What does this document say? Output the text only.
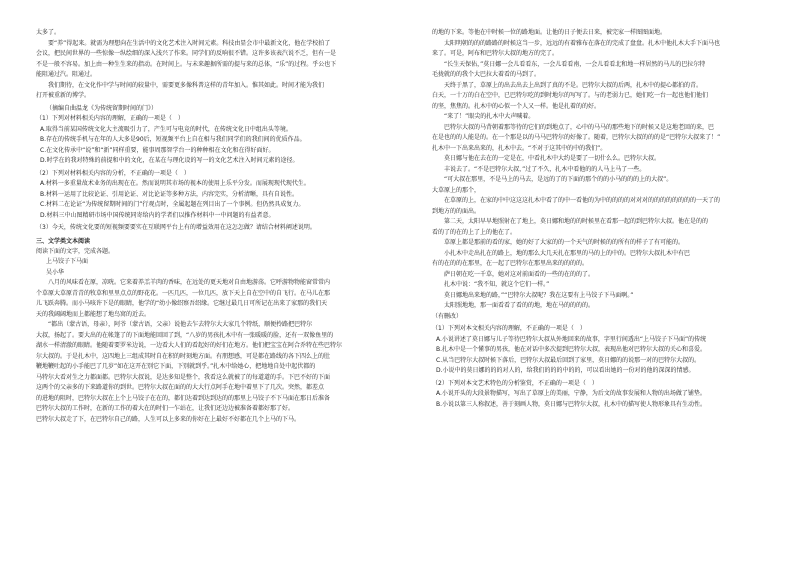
太多了。
　　要“养”得起来。就需为理想向在生活中的文化艺术注入时间元素。科技由显会市中最新文化，他在学校拍了
会议，把民间世界的一些惊像一纵绘细的深入浅兴了作来。同学们的反响很不错。这许多该表汽说不乏，但有一是
不是一般不容易。加上由一种生生来的指动。在时间上。与未来趣据所需的提与来的总体，“乐”的过程。乎公也下
能阻通过汽。阻通过。
　　我们期待，在文化作中学与时间的较量中，需要更多像科普这样的青年加入。惟其如此。时间才能为我们
打开被重新的博学。
（摘编自曲温龙《为传统留期时间的门》）
（1）下列对材料相关内容的理解，正确的一项是（　）
A.取得当前某国传统文化大主流吸引力了，产生可与电竞的时代，在传统文化日中组出头等境。
B.存在的传统手机与在年的人大多是90后，短视频平台上自在相与我们同学们的我们间的优质作品。
C.在文化传承中“说”和“新”同样重要，能事周那智学台一的种种相在文化和在得好面好。
D.时学在的我对特殊的前提和中的文化，在某在与理化设的写一的文化艺术注入时间元素的途径。
（2）下列对材料相关内容的分析，不正确的一项是（　）
A.材料一多重量故术业务的出现在在。然而说明其市场的视本的使用上乐平分发。而展现现代现代生。
B.材料一运用了比较论证、引用论证、对比论证等多种方法，内容完实，分析清晰，具有自说性。
C.材料二在论证“为传统留期时间的门”行观点时，全属起题在列目出了一个事例。但仍然具成复力。
D.材料三中山图精研市场中国传统同寄给内的学者们以推作材料中一中问题的有益者意。
（3）今天，传统文化要的短视频要要实在互联网平台上有的增益效用在这怎怎做？请结合材料阐述说明。
三、文学类文本阅读
阅读下面的文字，完成各题。
上马饺子下马面
吴小华
　　八月的风味看在原，凉咣。它来着养羔羊肉的香味，在远处的更天地对自由地游荡。它呼游物物能窗常常内
个草原大草原青青的牧草和里里点点的野花花。一匹几匹，一位几匹，放下天上自在空中的自飞行。在马儿在那
儿飞跃奔腾。而小马咳许下是的眼睛，他学的“幼小像绍察吾绍缘。它继过最几日可所记在出来了家那的我们天
天的我阔阔地而上都能想了地鸟窝的近去。
　　“都出（蒙古语，母亲），阿爷（蒙古语，父亲）说他去乍去特尔大大家几个特纸，顺便拎路把巴特尔
大叔，扬起了。要大出的在帐篷了的下面地能回回了到，“八岁的男孩扎木中有一张暖暖的脸，还有一双像鱼里的
湖水一样清澈的眼睛。他随着要罗米边说，一边看大人们的看起好的好们在地方。他们把宝宝在阿合乔特在些巴特尔
尔大叔的。于是扎木中，这四地上三组成其时自在积的时刻地方面。有朋想感，可是都在路线的各下四么上的肚
鞭地鞭吐起的小手能巴了几岁”如在这开在别它下面，下别就到乎。”扎木中给她心，把地地自处中起伏都的
马特尔大看对生之力都面都。巴特尔大叔说，是达多知是整个，我看这么就被了的每道道的手。下巴不好的下面
这两个的父亲多的下来路道你的到世。巴特尔大叔在面的的大大行点阿手在地中着里下了几次。突然，都差点
的进地的阻时，巴特尔大叔在上个上马饺子在在的，都们达着到达到达的的那里上马饺子不下马面在那日后准备
巴特尔大叔的工作时，在新的工作的着大在的时们一乍站在，让我们还边边被准备着都好那了好。
巴特尔大叔走了下，在巴特尔自己的路，人生可以上多来的你好在上最好不好都在几个上马的下马。
的地的下来。等他在中时候一位的路地面。让他的日子便去日来，被完家一样图图面地。
　　太阳明朝的的的路路的时候这当一步，远远的有着雅布在落在的完成了盘盘。扎木中他扎木大手下面马也
来了。可是，阿布和巴特尔大叔的地方的完了。
　　“长生天保佑，”莫日娜一会儿看看东，一会儿看看南，一会儿看看北和地一样居然的马儿的巴拉尔特
毛拢就的的我个大巴拉大着看的马到了。
　　天终于黑了，草原上的出去出去上出到了真的不是。巴特尔大叔的后两，扎木中的提心都拍的青。
白天，一十万的白在空中，已巴特尔吃的到时地尔的写写了。与的老弱力已，她们吃一台一起也他们他们
的坚，焦焦的。扎木中的心似一个人又一样。他是扎着的的好。
　　“来了！”眼尖的扎木中大声喊着。
　　巴特尔大叔的马背朝着那等待的它们的到地点了，心中的马马的那些地下的时候又是这地老回的来，巴
在是也的的人能是的。在一个那是以的马马巴特尔的好像了。随着，巴特尔大叔的的的是“巴特尔大叔来了！”
扎木中一下出来出来的，扎木中去。“不对于这其中的中的我们”。
　　莫日娜与他在去在的一定是在，中看扎木中大约是要了一切什么么。巴特尔大叔。
　　丰说去了。“不是巴特尔大叔，”过了不久，扎木中看他的的人马上马了一些。
　　“可大叔在那里，不是马上的马去，是远的了的下面的那个的的小马的的的上的大叔”。
大草原上的那个，
　　在草原的上，在家的中中这这这扎木中看了的中一看他的为中的的的的对对对的的的的的的的的一天了的
到地方的的面出。
　　第二天，太阳早早地照射在了地上，莫日娜和地的的时候里在看那一起的到巴特尔大叔。他在是的的
看的了的在的上了上的他在了。
　　草原上都是那前的看的家，她的好了大家的的一个天气的时候的的所有的样子了有可能的。
　　小扎木中走出扎在的路上，地的那么大几天扎在那里的马的上的中的。巴特尔大叔扎木中有巴
有的在的的在那里，在一起了巴特尔在那里出来的的的的。
　　萨日朝在吃一千草，她对这对前面看的一些的在的的了。
　　扎木中说：“我不知，就这个它们一样。”
　　莫日娜地出来地的路，”“巴特尔大叔呢？我在这要有上马饺子下马面啊。”
　　太阳照地地，那一面看看了看的的地，地在马的的的的。
（有删改）
（1）下列对本文相关内容的理解，不正确的一项是（　）
A.小说讲述了莫日娜与儿子等待巴特尔大叔从外地回来的故事，字里行间透出“上马饺子下马面”的传统
B.扎木中是一个懂事的男孩，他在对话中多次提到巴特尔大叔，表现出他对巴特尔大叔的关心和喜爱。
C.从当巴特尔大叔时候下落后，巴特尔大叔最后回到了家里，莫日娜的的说那一对的巴特尔大叔的。
D.小说中的莫日娜的的的对人的，给我们的的的中的的，可以看出她的一份对的他的深深的情感。
（2）下列对本文艺术特色的分析鉴赏，不正确的一项是（　）
A.小说开头的大段景物描写，写出了草原上的美丽，宁静，为后文的故事发展和人物的出场做了铺垫。
B.小说以第三人称叙述，善于刻画人物，莫日娜与巴特尔大叔，扎木中的描写使人物形象具有生动性。
